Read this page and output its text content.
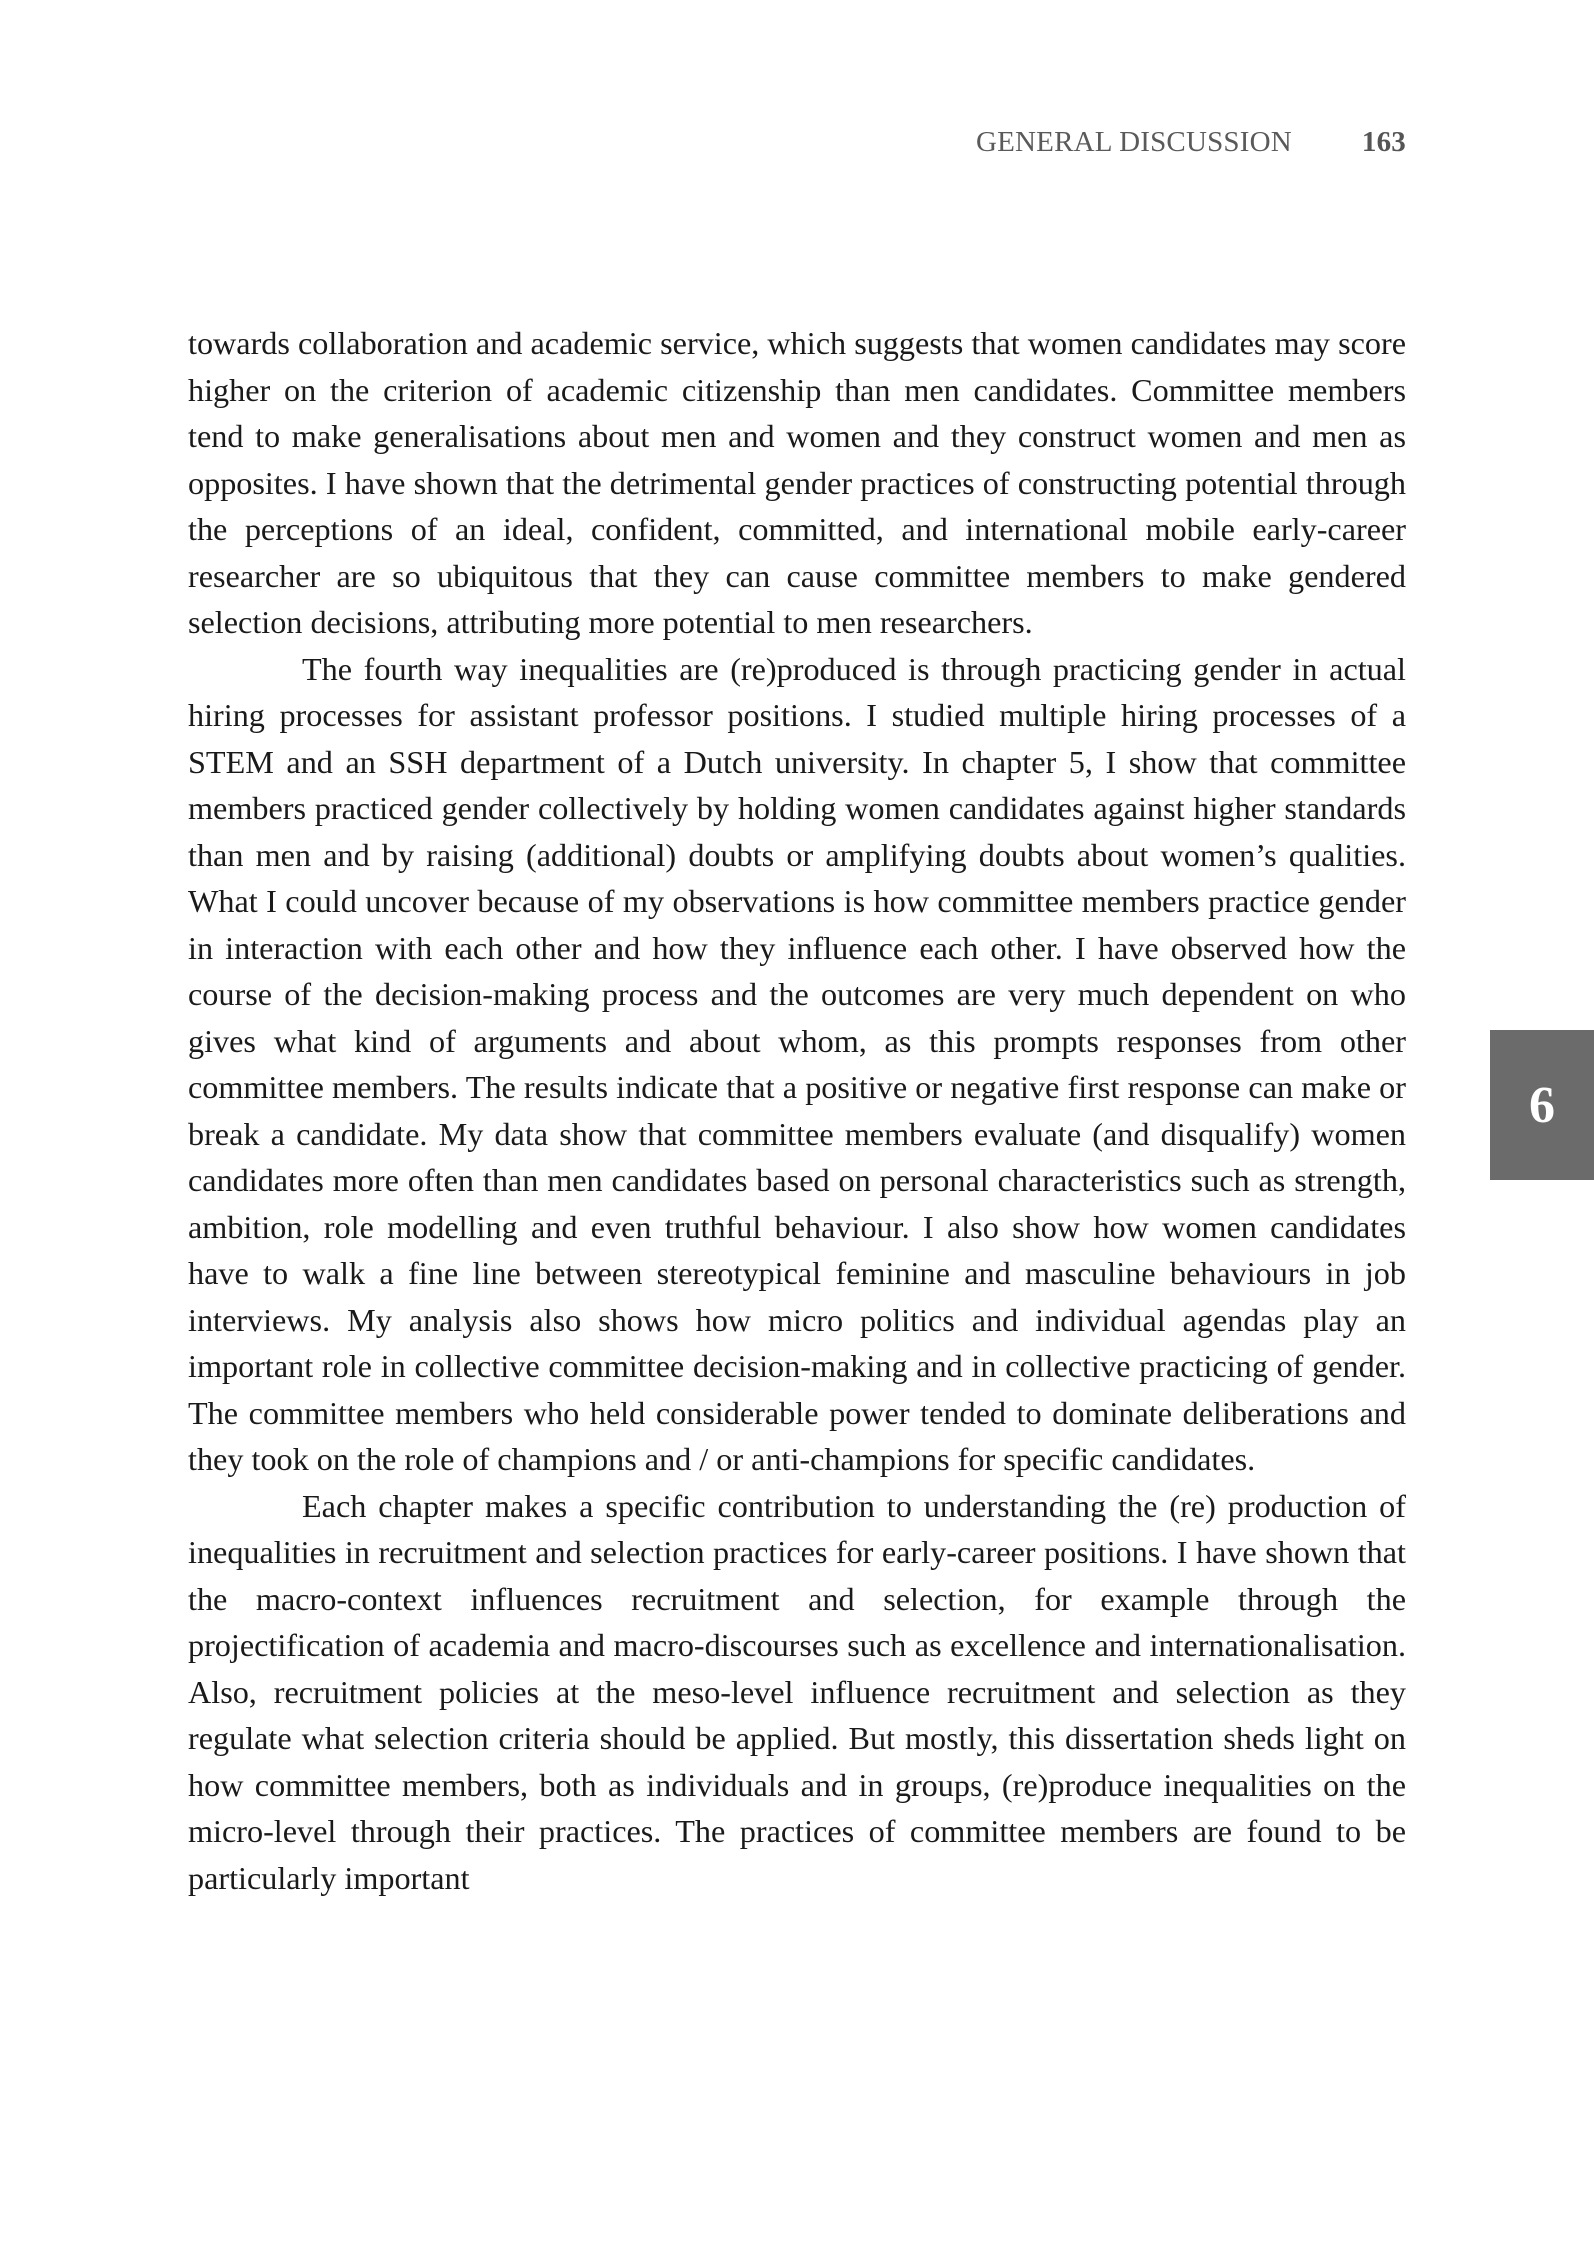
GENERAL DISCUSSION 163

towards collaboration and academic service, which suggests that women candidates may score higher on the criterion of academic citizenship than men candidates. Committee members tend to make generalisations about men and women and they construct women and men as opposites. I have shown that the detrimental gender practices of constructing potential through the perceptions of an ideal, confident, committed, and international mobile early-career researcher are so ubiquitous that they can cause committee members to make gendered selection decisions, attributing more potential to men researchers.

The fourth way inequalities are (re)produced is through practicing gender in actual hiring processes for assistant professor positions. I studied multiple hiring processes of a STEM and an SSH department of a Dutch university. In chapter 5, I show that committee members practiced gender collectively by holding women candidates against higher standards than men and by raising (additional) doubts or amplifying doubts about women’s qualities. What I could uncover because of my observations is how committee members practice gender in interaction with each other and how they influence each other. I have observed how the course of the decision-making process and the outcomes are very much dependent on who gives what kind of arguments and about whom, as this prompts responses from other committee members. The results indicate that a positive or negative first response can make or break a candidate. My data show that committee members evaluate (and disqualify) women candidates more often than men candidates based on personal characteristics such as strength, ambition, role modelling and even truthful behaviour. I also show how women candidates have to walk a fine line between stereotypical feminine and masculine behaviours in job interviews. My analysis also shows how micro politics and individual agendas play an important role in collective committee decision-making and in collective practicing of gender. The committee members who held considerable power tended to dominate deliberations and they took on the role of champions and / or anti-champions for specific candidates.

Each chapter makes a specific contribution to understanding the (re) production of inequalities in recruitment and selection practices for early-career positions. I have shown that the macro-context influences recruitment and selection, for example through the projectification of academia and macro-discourses such as excellence and internationalisation. Also, recruitment policies at the meso-level influence recruitment and selection as they regulate what selection criteria should be applied. But mostly, this dissertation sheds light on how committee members, both as individuals and in groups, (re)produce inequalities on the micro-level through their practices. The practices of committee members are found to be particularly important

6
